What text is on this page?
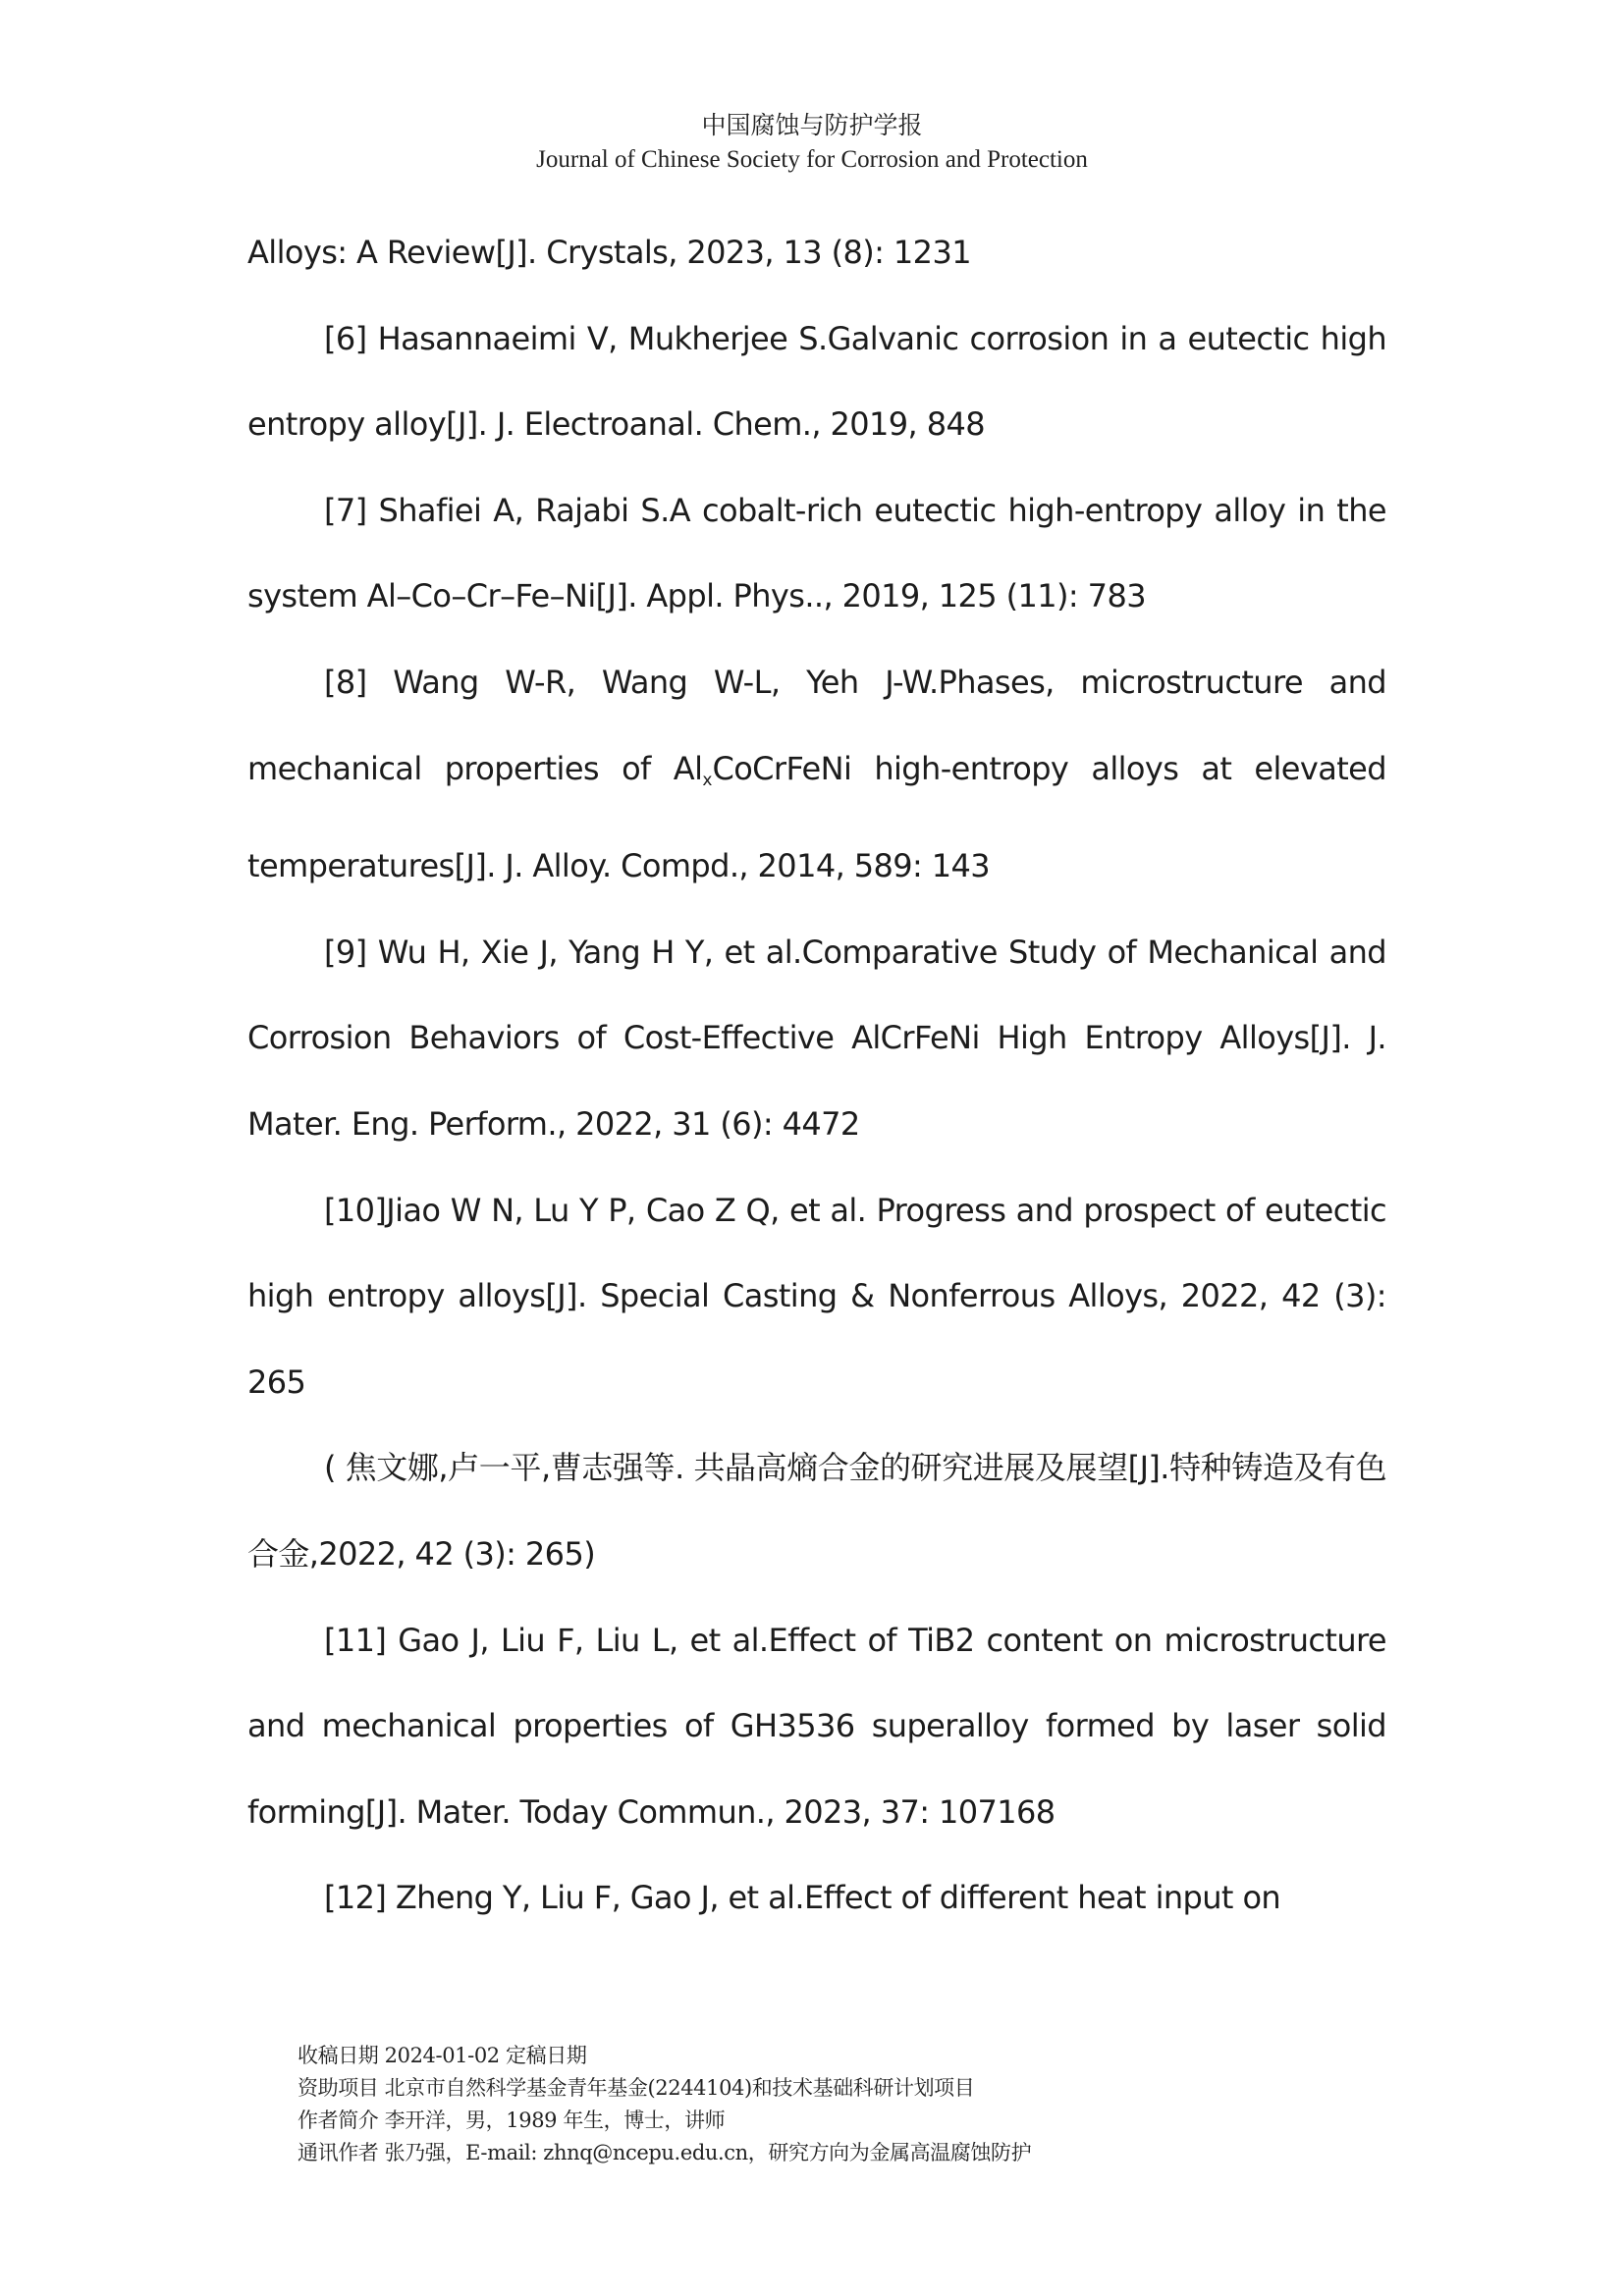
中国腐蚀与防护学报
Journal of Chinese Society for Corrosion and Protection

Alloys: A Review[J]. Crystals, 2023, 13 (8): 1231

[6] Hasannaeimi V, Mukherjee S.Galvanic corrosion in a eutectic high entropy alloy[J]. J. Electroanal. Chem., 2019, 848

[7] Shafiei A, Rajabi S.A cobalt-rich eutectic high-entropy alloy in the system Al–Co–Cr–Fe–Ni[J]. Appl. Phys.., 2019, 125 (11): 783

[8] Wang W-R, Wang W-L, Yeh J-W.Phases, microstructure and mechanical properties of $Al_xCoCrFeNi$ high-entropy alloys at elevated temperatures[J]. J. Alloy. Compd., 2014, 589: 143

[9] Wu H, Xie J, Yang H Y, et al.Comparative Study of Mechanical and Corrosion Behaviors of Cost-Effective AlCrFeNi High Entropy Alloys[J]. J. Mater. Eng. Perform., 2022, 31 (6): 4472

[10]Jiao W N, Lu Y P, Cao Z Q, et al. Progress and prospect of eutectic high entropy alloys[J]. Special Casting & Nonferrous Alloys, 2022, 42 (3): 265

( 焦文娜,卢一平,曹志强等. 共晶高熵合金的研究进展及展望[J].特种铸造及有色合金,2022, 42 (3): 265)

[11] Gao J, Liu F, Liu L, et al.Effect of TiB2 content on microstructure and mechanical properties of GH3536 superalloy formed by laser solid forming[J]. Mater. Today Commun., 2023, 37: 107168

[12] Zheng Y, Liu F, Gao J, et al.Effect of different heat input on

收稿日期 2024-01-02 定稿日期
资助项目 北京市自然科学基金青年基金(2244104)和技术基础科研计划项目
作者简介 李开洋，男，1989 年生，博士，讲师
通讯作者 张乃强，E-mail: zhnq@ncepu.edu.cn，研究方向为金属高温腐蚀防护
